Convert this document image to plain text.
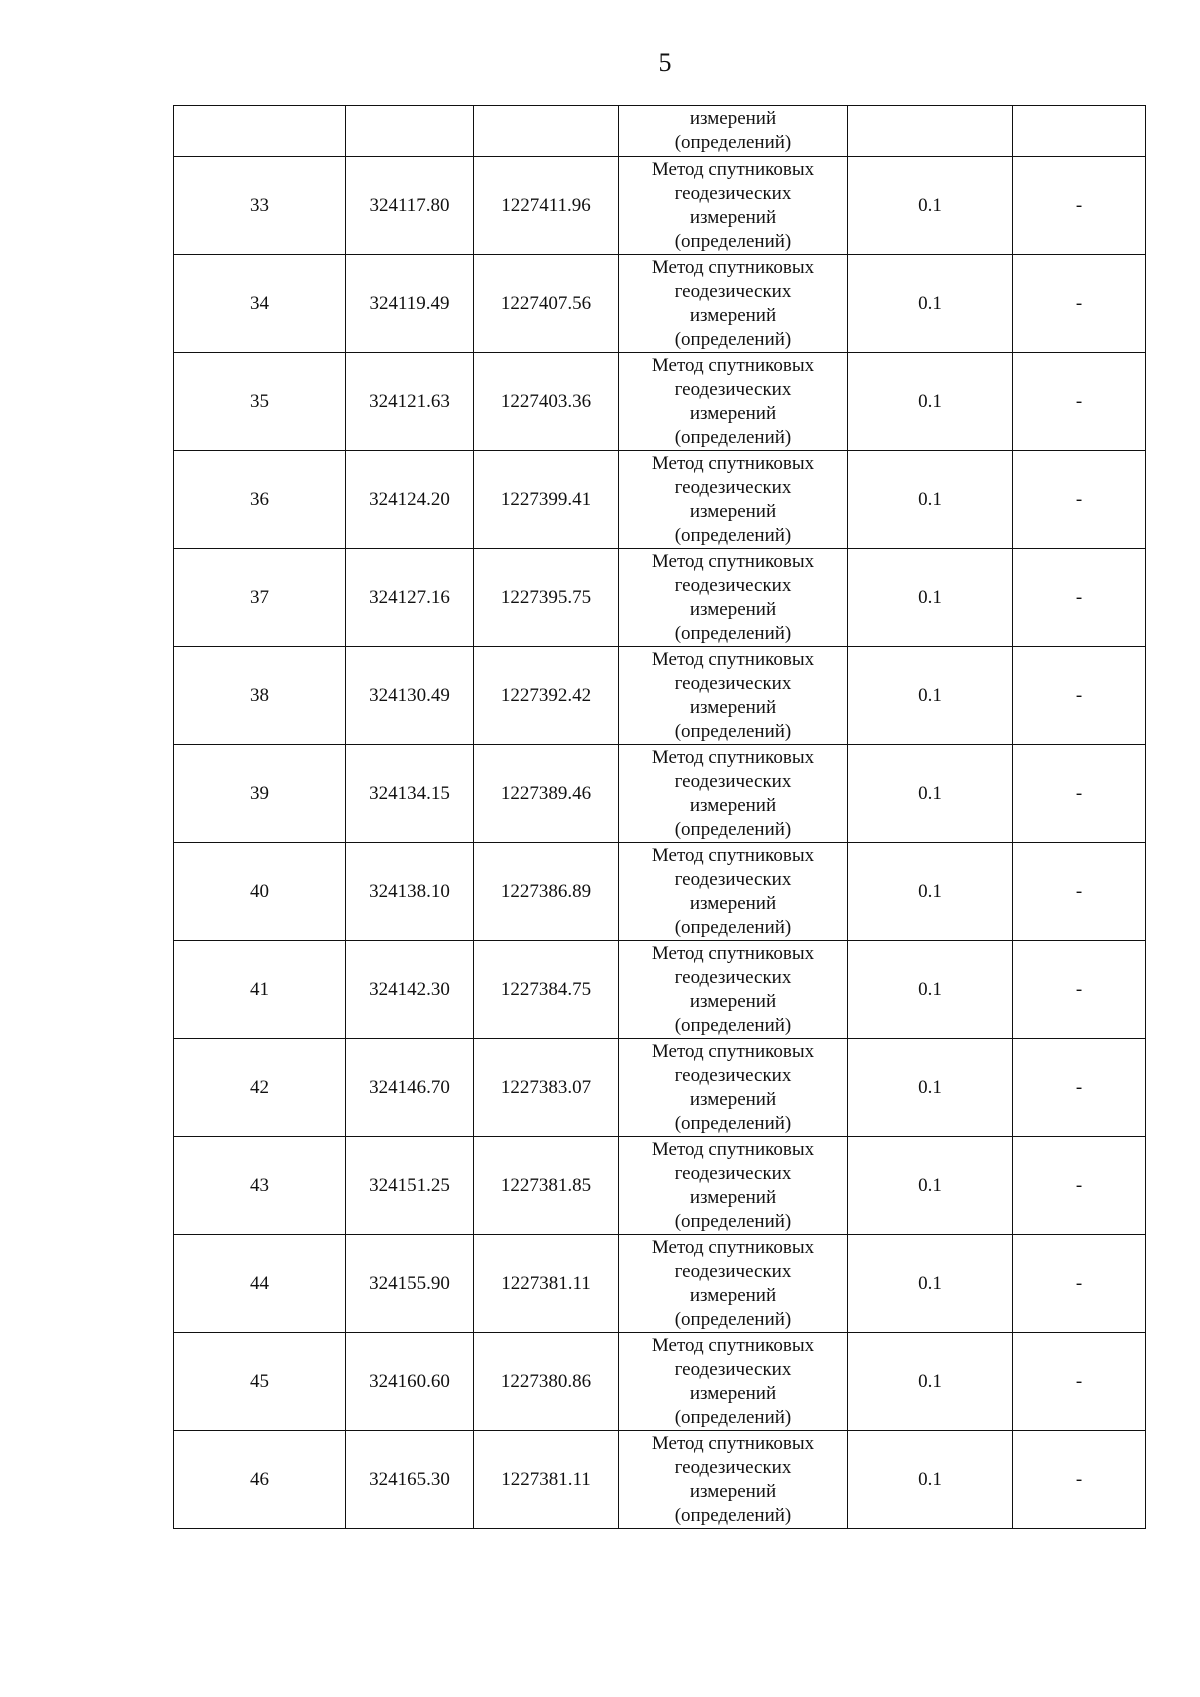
5

			измерений
(определений)		

33	324117.80	1227411.96	Метод спутниковых
геодезических
измерений
(определений)	0.1	-
34	324119.49	1227407.56	Метод спутниковых
геодезических
измерений
(определений)	0.1	-
35	324121.63	1227403.36	Метод спутниковых
геодезических
измерений
(определений)	0.1	-
36	324124.20	1227399.41	Метод спутниковых
геодезических
измерений
(определений)	0.1	-
37	324127.16	1227395.75	Метод спутниковых
геодезических
измерений
(определений)	0.1	-
38	324130.49	1227392.42	Метод спутниковых
геодезических
измерений
(определений)	0.1	-
39	324134.15	1227389.46	Метод спутниковых
геодезических
измерений
(определений)	0.1	-
40	324138.10	1227386.89	Метод спутниковых
геодезических
измерений
(определений)	0.1	-
41	324142.30	1227384.75	Метод спутниковых
геодезических
измерений
(определений)	0.1	-
42	324146.70	1227383.07	Метод спутниковых
геодезических
измерений
(определений)	0.1	-
43	324151.25	1227381.85	Метод спутниковых
геодезических
измерений
(определений)	0.1	-
44	324155.90	1227381.11	Метод спутниковых
геодезических
измерений
(определений)	0.1	-
45	324160.60	1227380.86	Метод спутниковых
геодезических
измерений
(определений)	0.1	-
46	324165.30	1227381.11	Метод спутниковых
геодезических
измерений
(определений)	0.1	-
